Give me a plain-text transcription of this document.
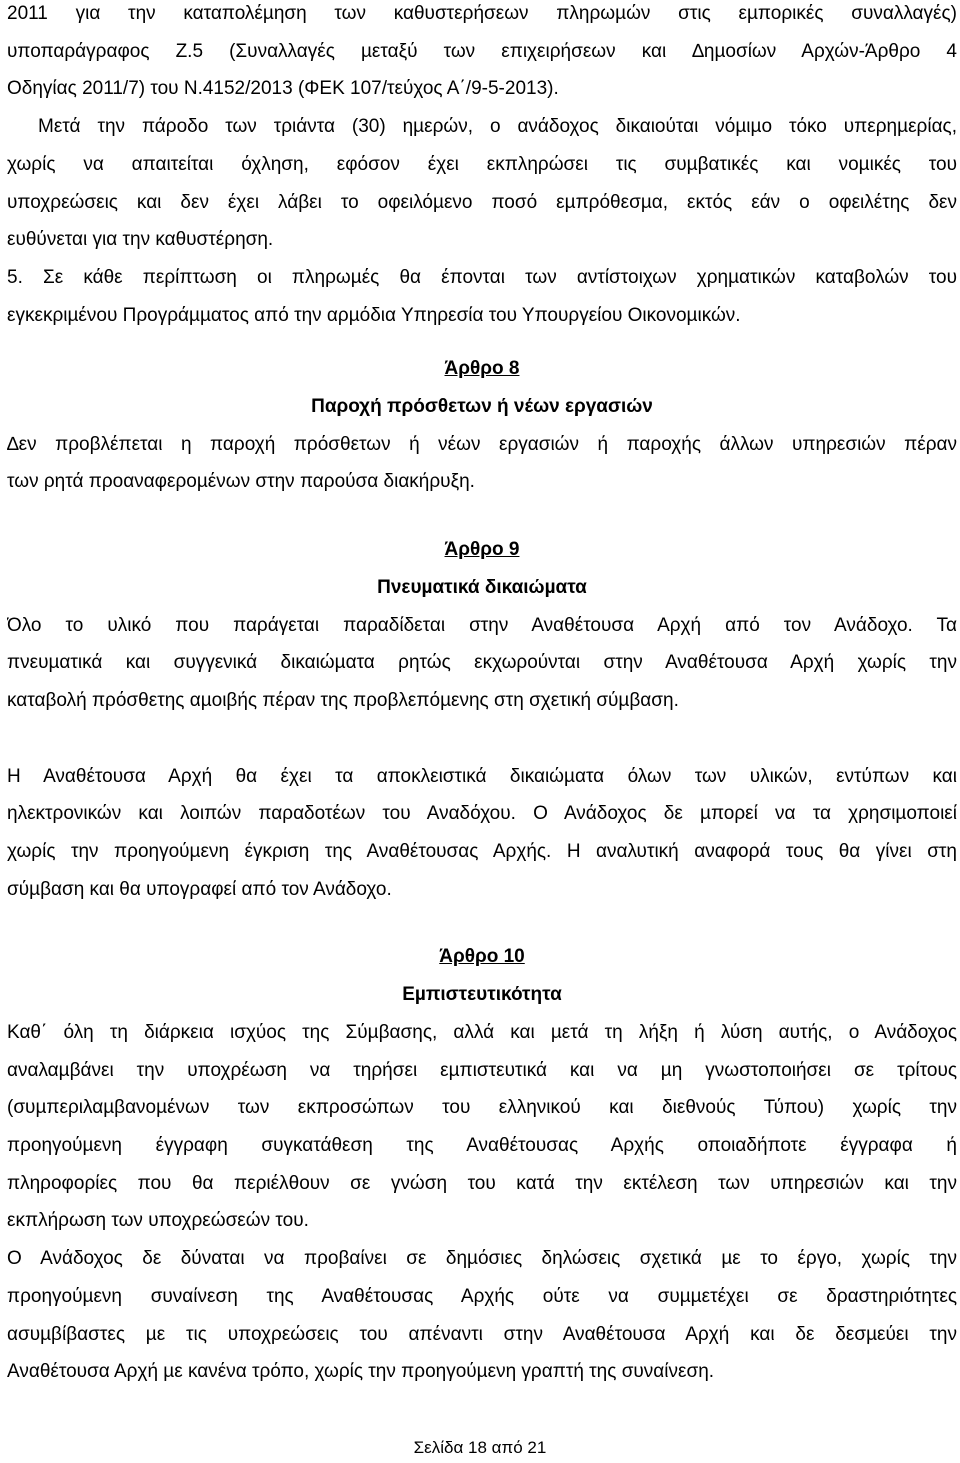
2011 για την καταπολέµηση των καθυστερήσεων πληρωµών στις εµπορικές συναλλαγές)
υποπαράγραφος Ζ.5 (Συναλλαγές µεταξύ των επιχειρήσεων και ∆ηµοσίων Αρχών-Άρθρο 4
Οδηγίας 2011/7) του Ν.4152/2013 (ΦΕΚ 107/τεύχος Α΄/9-5-2013).

Μετά την πάροδο των τριάντα (30) ηµερών, ο ανάδοχος δικαιούται νόµιµο τόκο υπερηµερίας,

χωρίς να απαιτείται όχληση, εφόσον έχει εκπληρώσει τις συµβατικές και νοµικές του
υποχρεώσεις και δεν έχει λάβει το οφειλόµενο ποσό εµπρόθεσµα, εκτός εάν ο οφειλέτης δεν
ευθύνεται για την καθυστέρηση.

5. Σε κάθε περίπτωση οι πληρωµές θα έπονται των αντίστοιχων χρηµατικών καταβολών του
εγκεκριµένου Προγράµµατος από την αρµόδια Υπηρεσία του Υπουργείου Οικονοµικών.

Άρθρο 8
Παροχή πρόσθετων ή νέων εργασιών

∆εν προβλέπεται η παροχή πρόσθετων ή νέων εργασιών ή παροχής άλλων υπηρεσιών πέραν
των ρητά προαναφεροµένων στην παρούσα διακήρυξη.

Άρθρο 9
Πνευµατικά δικαιώµατα

Όλο το υλικό που παράγεται παραδίδεται στην Αναθέτουσα Αρχή από τον Ανάδοχο. Τα
πνευµατικά και συγγενικά δικαιώµατα ρητώς εκχωρούνται στην Αναθέτουσα Αρχή χωρίς την
καταβολή πρόσθετης αµοιβής πέραν της προβλεπόµενης στη σχετική σύµβαση.

Η Αναθέτουσα Αρχή θα έχει τα αποκλειστικά δικαιώµατα όλων των υλικών, εντύπων και
ηλεκτρονικών και λοιπών παραδοτέων του Αναδόχου. Ο Ανάδοχος δε µπορεί να τα χρησιµοποιεί
χωρίς την προηγούµενη έγκριση της Αναθέτουσας Αρχής. Η αναλυτική αναφορά τους θα γίνει στη
σύµβαση και θα υπογραφεί από τον Ανάδοχο.

Άρθρο 10
Εµπιστευτικότητα

Καθ΄ όλη τη διάρκεια ισχύος της Σύµβασης, αλλά και µετά τη λήξη ή λύση αυτής, ο Ανάδοχος
αναλαµβάνει την υποχρέωση να τηρήσει εµπιστευτικά και να µη γνωστοποιήσει σε τρίτους
(συµπεριλαµβανοµένων των εκπροσώπων του ελληνικού και διεθνούς Τύπου) χωρίς την
προηγούµενη έγγραφη συγκατάθεση της Αναθέτουσας Αρχής οποιαδήποτε έγγραφα ή
πληροφορίες που θα περιέλθουν σε γνώση του κατά την εκτέλεση των υπηρεσιών και την
εκπλήρωση των υποχρεώσεών του.

Ο Ανάδοχος δε δύναται να προβαίνει σε δηµόσιες δηλώσεις σχετικά µε το έργο, χωρίς την
προηγούµενη συναίνεση της Αναθέτουσας Αρχής ούτε να συµµετέχει σε δραστηριότητες
ασυµβίβαστες µε τις υποχρεώσεις του απέναντι στην Αναθέτουσα Αρχή και δε δεσµεύει την
Αναθέτουσα Αρχή µε κανένα τρόπο, χωρίς την προηγούµενη γραπτή της συναίνεση.

Σελίδα 18 από 21
